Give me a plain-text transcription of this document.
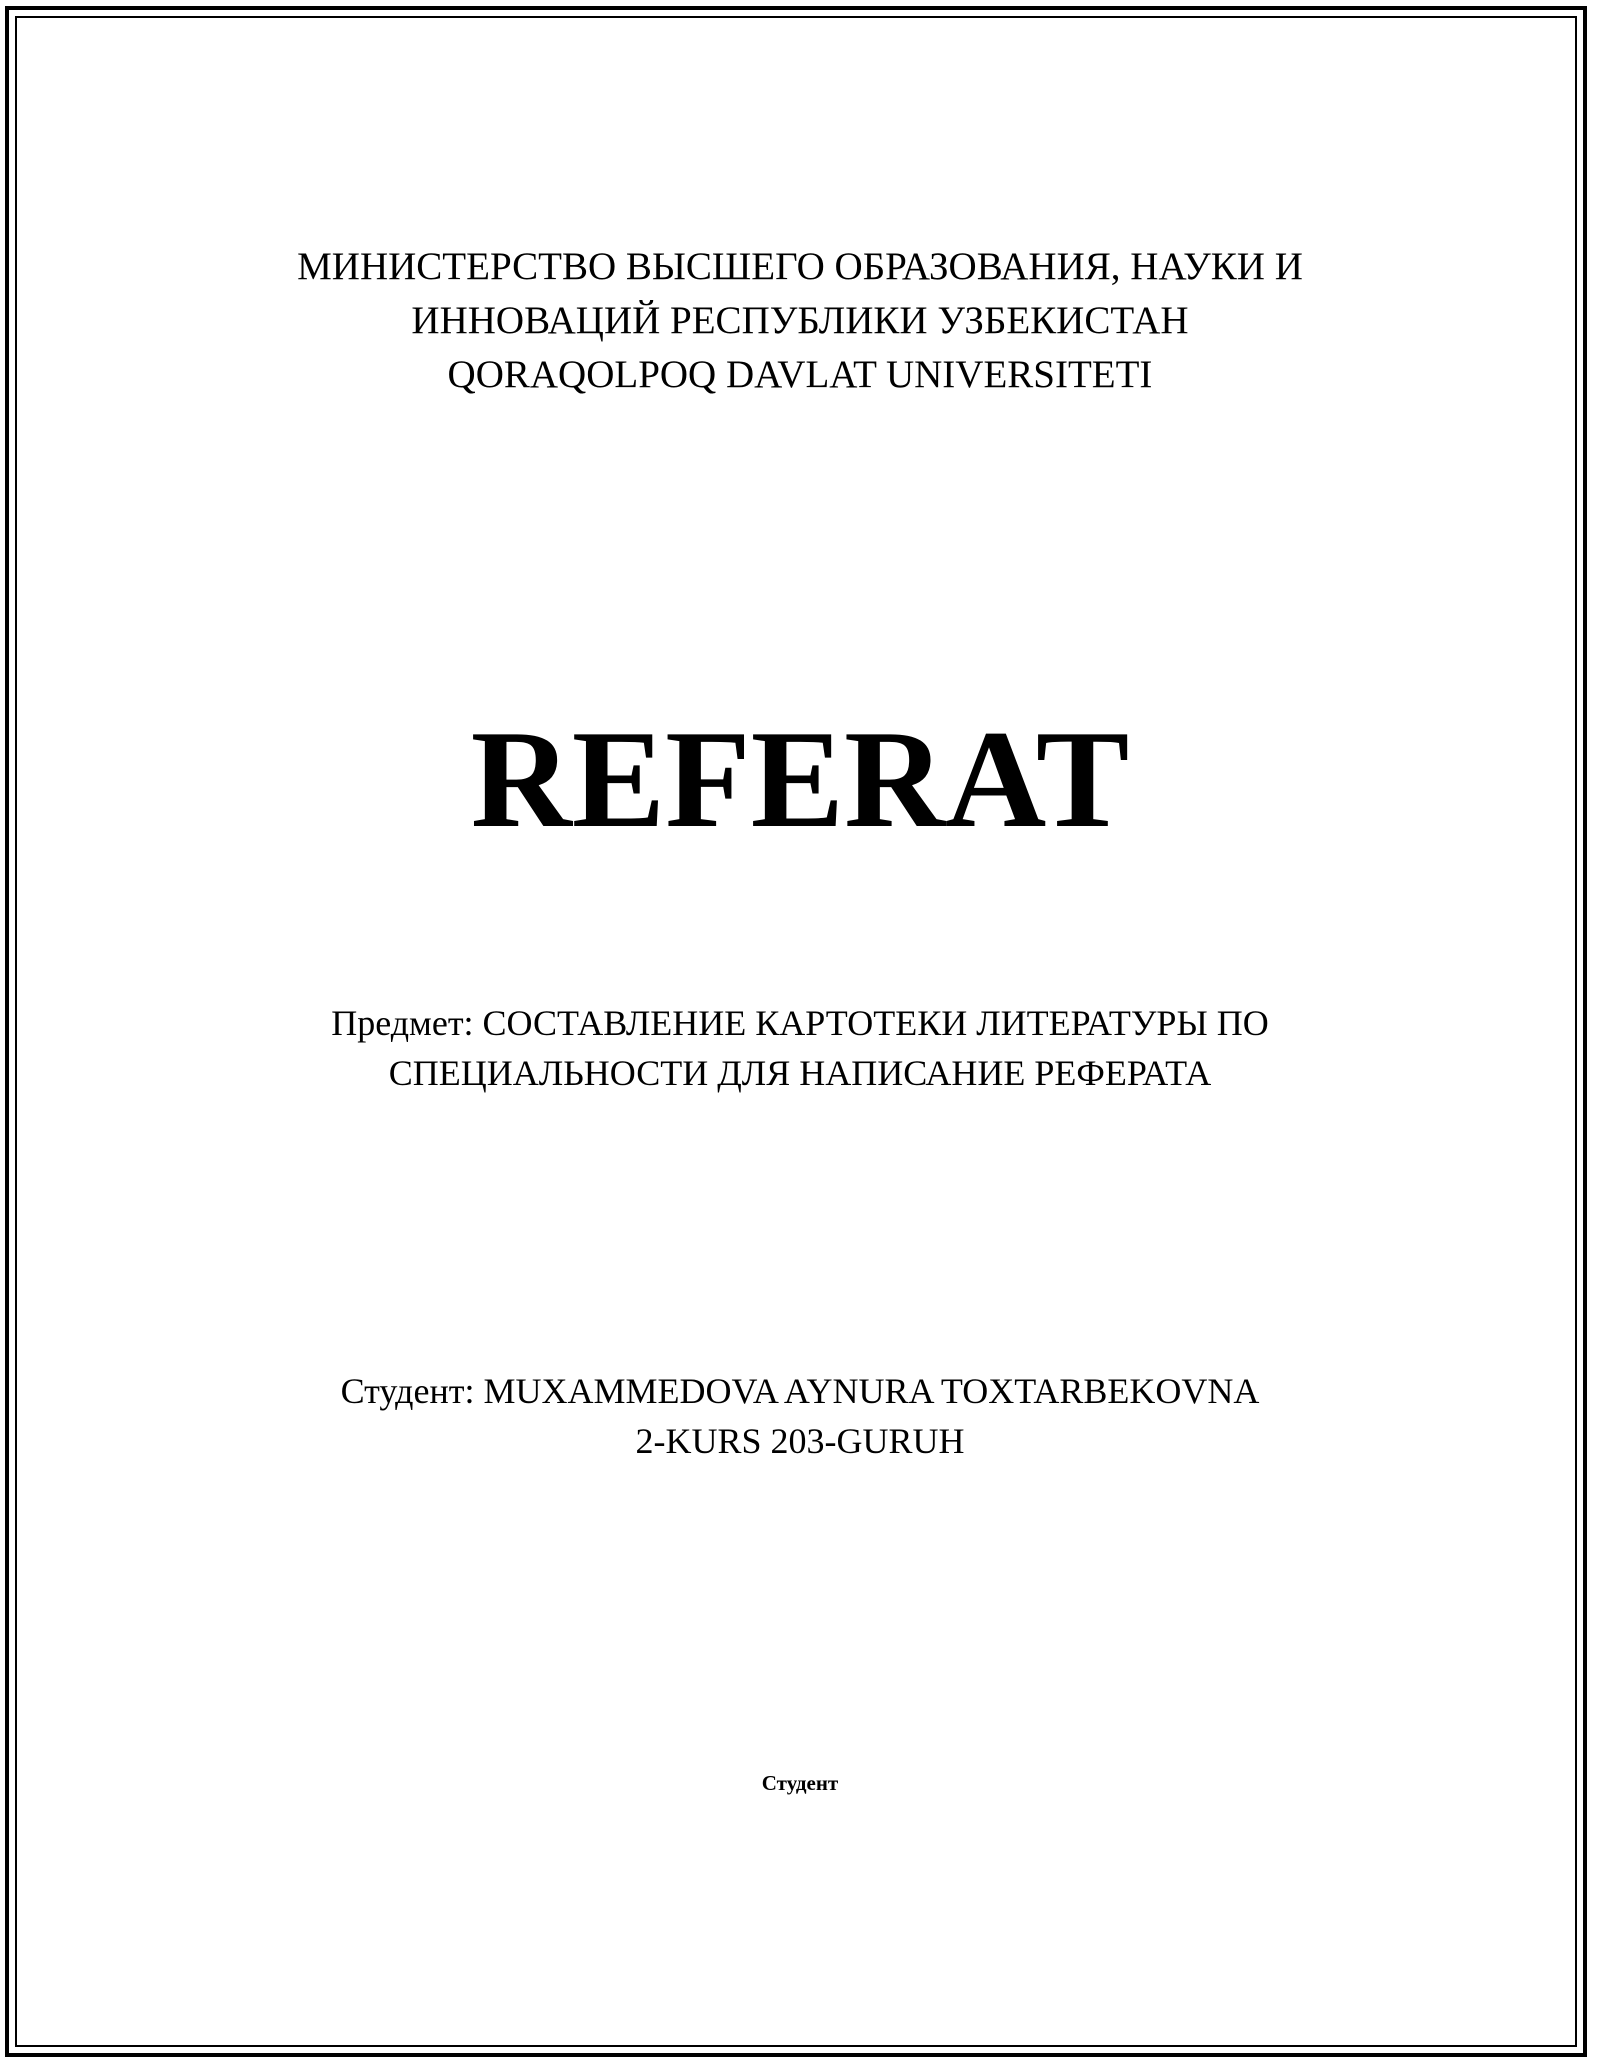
МИНИСТЕРСТВО ВЫСШЕГО ОБРАЗОВАНИЯ, НАУКИ И
ИННОВАЦИЙ РЕСПУБЛИКИ УЗБЕКИСТАН
QORAQOLPOQ DAVLAT UNIVERSITETI
REFERAT
Предмет: СОСТАВЛЕНИЕ КАРТОТЕКИ ЛИТЕРАТУРЫ ПО
СПЕЦИАЛЬНОСТИ ДЛЯ НАПИСАНИЕ РЕФЕРАТА
Студент: MUXAMMEDOVA AYNURA TOXTARBEKOVNA
2-KURS 203-GURUH
Студент
